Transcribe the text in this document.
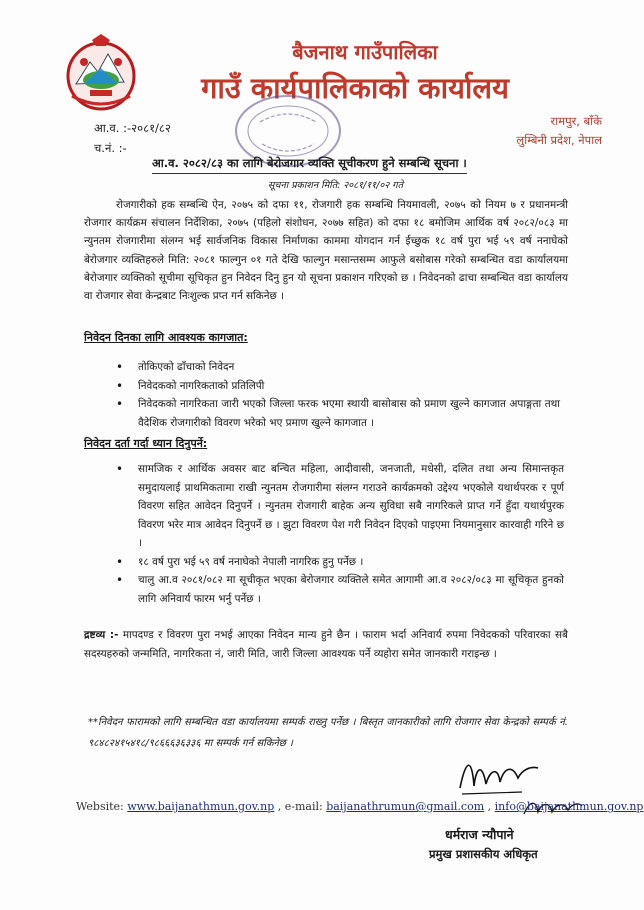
बैजनाथ गाउँपालिका
गाउँ कार्यपालिकाको कार्यालय
रामपुर, बाँके
लुम्बिनी प्रदेश, नेपाल
आ.व. :-२०८१/८२
च.नं. :-
आ.व. २०८२/८३ का लागि बेरोजगार व्यक्ति सूचीकरण हुने सम्बन्धि सूचना ।
सूचना प्रकाशन मिति: २०८१/११/०२ गते
रोजगारीको हक सम्बन्धि ऐन, २०७५ को दफा ११, रोजगारी हक सम्बन्धि नियमावली, २०७५ को नियम ७ र प्रधानमन्त्री रोजगार कार्यक्रम संचालन निर्देशिका, २०७५ (पहिलो संशोधन, २०७७ सहित) को दफा १८ बमोजिम आर्थिक वर्ष २०८२/०८३ मा न्युनतम रोजगारीमा संलग्न भई सार्वजनिक विकास निर्माणका काममा योगदान गर्न ईच्छुक १८ वर्ष पुरा भई ५९ वर्ष ननाघेको बेरोजगार व्यक्तिहरुले मिति: २०८१ फाल्गुन ०१ गते देखि फाल्गुन मसान्तसम्म आफुले बसोबास गरेको सम्बन्धित वडा कार्यालयमा बेरोजगार व्यक्तिको सूचीमा सूचिकृत हुन निवेदन दिनु हुन यो सूचना प्रकाशन गरिएको छ । निवेदनको ढाचा सम्बन्धित वडा कार्यालय वा रोजगार सेवा केन्द्रबाट निःशुल्क प्रप्त गर्न सकिनेछ ।
निवेदन दिनका लागि आवश्यक कागजात:
• तोकिएको ढाँचाको निवेदन
• निवेदकको नागरिकताको प्रतिलिपी
• निवेदकको नागरिकता जारी भएको जिल्ला फरक भएमा स्थायी बासोबास को प्रमाण खुल्ने कागजात अपाङ्गता तथा वैदेशिक रोजगारीको विवरण भरेको भए प्रमाण खुल्ने कागजात ।
निवेदन दर्ता गर्दा ध्यान दिनुपर्ने:
• सामजिक र आर्थिक अवसर बाट बन्चित महिला, आदीवासी, जनजाती, मधेसी, दलित तथा अन्य सिमान्तकृत समुदायलाई प्राथमिकतामा राखी न्युनतम रोजगारीमा संलग्न गराउने कार्यक्रमको उद्देश्य भएकोले यथार्थपरक र पूर्ण विवरण सहित आवेदन दिनुपर्ने । न्युनतम रोजगारी बाहेक अन्य सुविधा सबै नागरिकले प्राप्त गर्ने हुँदा यथार्थपुरक विवरण भरेर मात्र आवेदन दिनुपर्ने छ । झुटा विवरण पेश गरी निवेदन दिएको पाइएमा नियमानुसार कारवाही गरिने छ ।
• १८ वर्ष पुरा भई ५९ वर्ष ननाघेको नेपाली नागरिक हुनु पर्नेछ ।
• चालु आ.व २०८१/०८२ मा सूचीकृत भएका बेरोजगार व्यक्तिले समेत आगामी आ.व २०८२/०८३ मा सूचिकृत हुनको लागि अनिवार्य फारम भर्नु पर्नेछ ।
द्रष्टव्य :- मापदण्ड र विवरण पुरा नभई आएका निवेदन मान्य हुने छैन । फाराम भर्दा अनिवार्य रुपमा निवेदकको परिवारका सबै सदस्यहरुको जन्ममिति, नागरिकता नं, जारी मिति, जारी जिल्ला आवश्यक पर्ने व्यहोरा समेत जानकारी गराइन्छ ।
**निवेदन फारामको लागि सम्बन्धित वडा कार्यालयमा सम्पर्क राख्नु पर्नेछ । बिस्तृत जानकारीको लागि रोजगार सेवा केन्द्रको सम्पर्क नं. ९८४८२४१५४१८/९८६६६३६३३६ मा सम्पर्क गर्न सकिनेछ ।
Website: www.baijanathmun.gov.np , e-mail: baijanathrumun@gmail.com , info@baijanathmun.gov.np
धर्मराज न्यौपाने
प्रमुख प्रशासकीय अधिकृत
